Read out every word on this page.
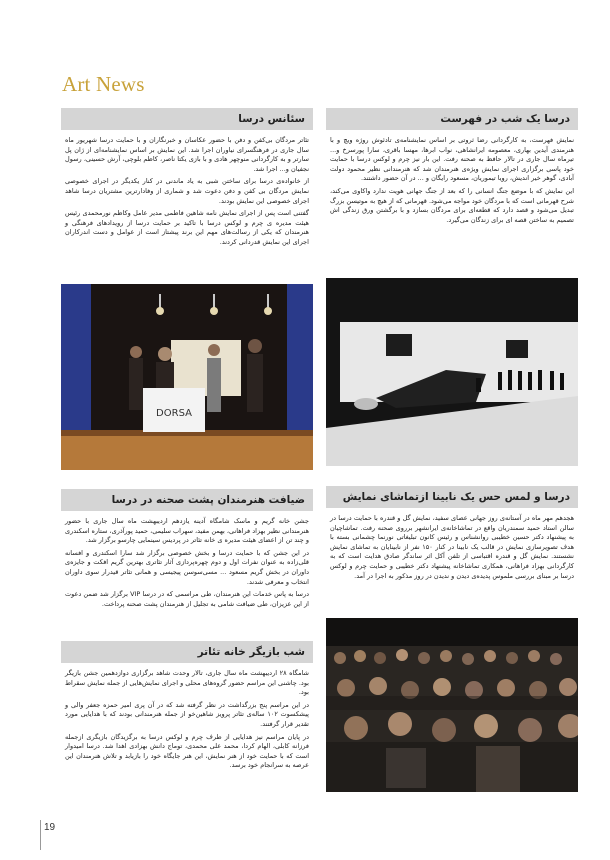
Art News
درسا یک شب در فهرست

نمایش فهرست، به کارگردانی رضا ثروتی بر اساس نمایشنامه‌ی تادئوش روژه ویچ و با هنرمندی آیدین بهاری، معصومه ایرانشاهی، نواب ابرها، مهسا باقری، سارا پورسرخ و... تیرماه سال جاری در تالار حافظ به صحنه رفت. این بار نیز چرم و لوکس درسا با حمایت خود پاسی برگزاری اجرای نمایش ویژه‌ی هنرمندان شد که هنرمندانی نظیر محمود دولت آبادی، گوهر خیر اندیش، رویا تیموریان، مسعود رایگان و ... در آن حضور داشتند.

این نمایش که با موضع جنگ انسانی را که بعد از جنگ جهانی هویت ندارد واکاوی می‌کند، شرح قهرمانی است که با مردگان خود مواجه می‌شود. قهرمانی که از هیچ به موتیسن بزرگ تبدیل می‌شود و قصد دارد که قطعه‌ای برای مردگان بسازد و با برگشتن ورق زندگی اش تصمیم به ساختن قصه ای برای زندگان می‌گیرد.

درسا و لمس حس یک نابینا ازتماشای نمایش

هجدهم مهر ماه در آستانه‌ی روز جهانی عصای سفید، نمایش گل و قندره با حمایت درسا در سالن استاد حمید سمندریان واقع در تماشاخانه‌ی ایرانشهر برروی صحنه رفت. تماشاچیان به پیشنهاد دکتر حسین خطیبی روانشناس و رئیس کانون تبلیغاتی نورنما چشمانی بسته با هدف تصویرسازی نمایش در قالب یک نابینا در کنار ۱۵۰ نفر از نابینایان به تماشای نمایش نشستند. نمایش گل و قندره اقتباسی از تلفن آکل اثر ساندگر صادق هدایت است که به کارگردانی بهزاد فراهانی، همکاری تماشاخانه پیشنهاد دکتر خطیبی و حمایت چرم و لوکس درسا بر مبنای بررسی ملموس پدیده‌ی دیدن و ندیدن در روز مذکور به اجرا در آمد.

سئانس درسا

تئاتر مردگان بی‌کفن و دفن با حضور عکاسان و خبرنگاران و با حمایت درسا شهریور ماه سال جاری در فرهنگسرای نیاوران اجرا شد. این نمایش بر اساس نمایشنامه‌ای از ژان پل سارتر و به کارگردانی منوچهر هادی و با بازی یکتا ناصر، کاظم بلوچی، آرش حسینی، رسول نجفیان و... اجرا شد.

از خانواده‌ی درسا برای ساختن شبی به یاد ماندنی در کنار یکدیگر در اجرای خصوصی نمایش مردگان بی کفن و دفن دعوت شد و شماری از وفادارترین مشتریان درسا شاهد اجرای خصوصی این نمایش بودند.

گفتنی است پس از اجرای نمایش نامه شاهین فاطمی مدیر عامل وکاظم نورمحمدی رئیس هیئت مدیره ی چرم و لوکس درسا با تاکید بر حمایت درسا از رویدادهای فرهنگی و هنرمندان که یکی از رسالت‌های مهم این برند پیشتاز است از عوامل و دست اندرکاران اجرای این نمایش قدردانی کردند.

DORSA
ضیافت هنرمندان پشت صحنه در درسا

جشن خانه گریم و ماسک شامگاه آدینه یازدهم اردیبهشت ماه سال جاری با حضور هنرمندانی نظیر بهزاد فراهانی، بهمن مفید، سهراب سلیمی، حمید پورآذری، ستاره اسکندری و چند تن از اعضای هیئت مدیره ی خانه تئاتر در پردیس سینمایی چارسو برگزار شد.

در این جشن که با حمایت درسا و بخش خصوصی برگزار شد سارا اسکندری و افسانه قلی‌زاده به عنوان نفرات اول و دوم چهره‌پردازی آثار تئاتری بهترین گریم افکت و جایزه‌ی داوران در بخش گریم مسعود ... مسی‌سوسن پیجیسی و همانی تئاتر قیدرار سوی داوران انتخاب و معرفی شدند.

درسا به پاس خدمات این هنرمندان، طی مراسمی که در درسا VIP برگزار شد ضمن دعوت از این عزیزان، طی ضیافت شامی به تجلیل از هنرمندان پشت صحنه پرداخت.

شب بازیگر خانه تئاتر

شامگاه ۲۸ اردیبهشت ماه سال جاری، تالار وحدت شاهد برگزاری دوازدهمین جشن بازیگر بود. چاشنی این مراسم حضور گروه‌های محلی و اجرای نمایش‌هایی از جمله نمایش سقراط بود.

در این مراسم پنج بزرگداشت در نظر گرفته شد که در آن پری امیر حمزه جعفر والی و پیشکسوت ۱۰۲ ساله‌ی تئاتر پرویز شاهین‌خو از جمله هنرمندانی بودند که با هدایایی مورد تقدیر قرار گرفتند.

در پایان مراسم نیز هدایایی از طرف چرم و لوکس درسا به برگزیدگان بازیگری ازجمله فرزانه کابلی، الهام کردا، محمد علی محمدی، توماج دانش بهزادی اهدا شد. درسا امیدوار است که با حمایت خود از هنر نمایش، این هنر جایگاه خود را بازیابد و تلاش هنرمندان این عرصه به سرانجام خود برسد.

19
